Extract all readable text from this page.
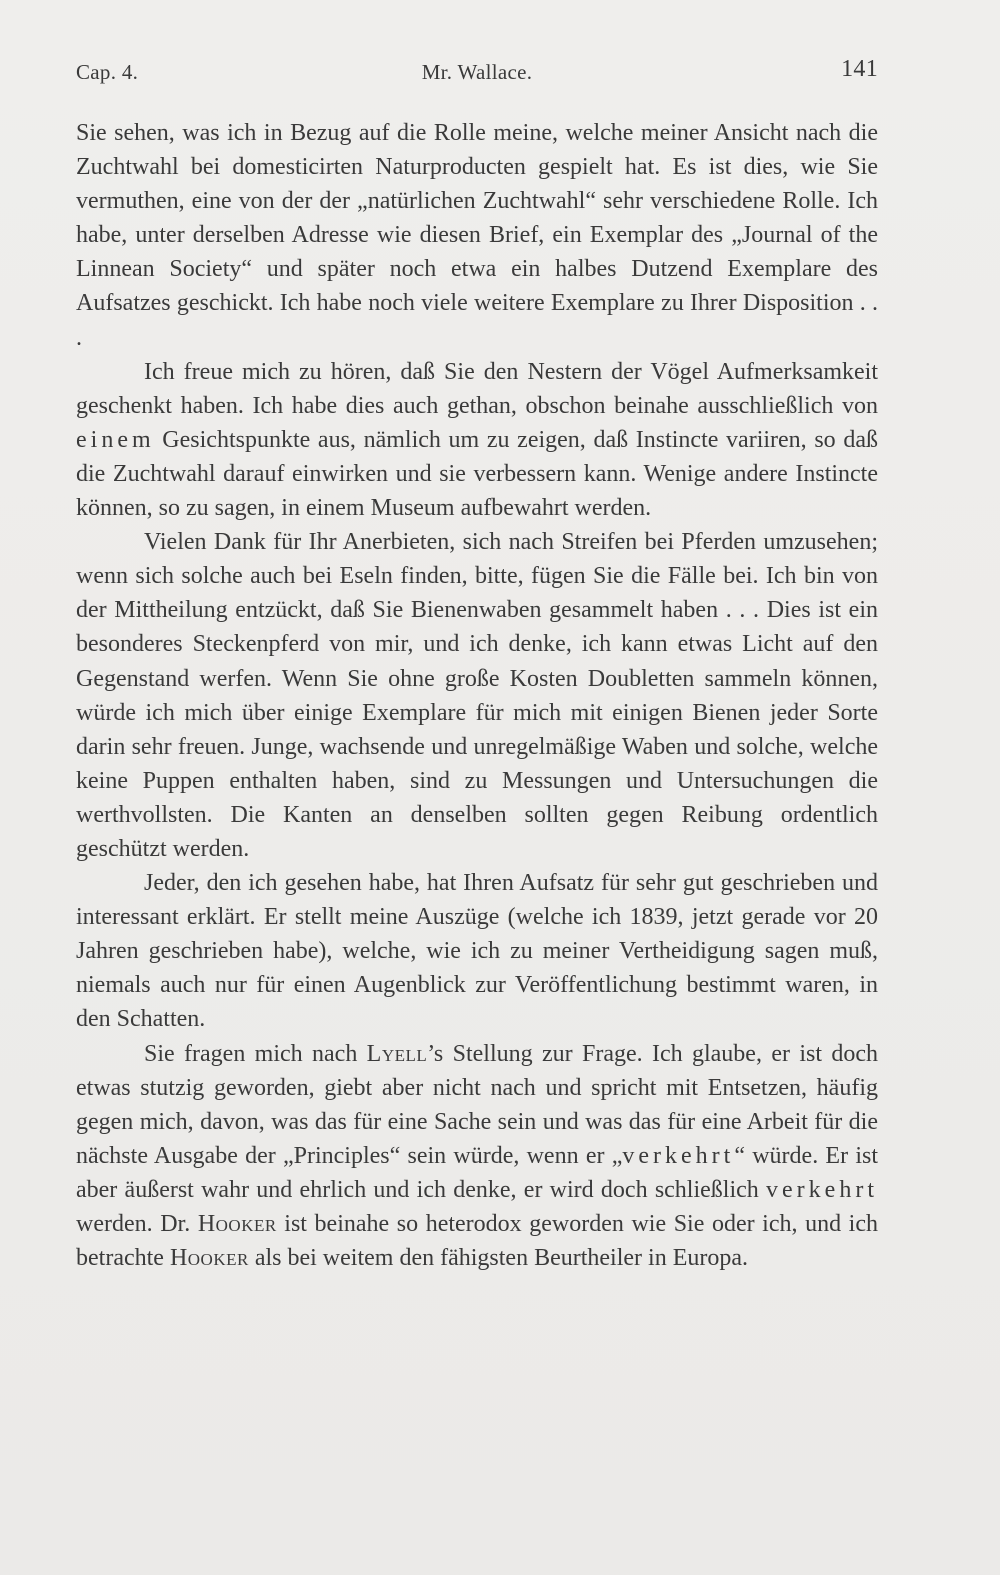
Cap. 4.	Mr. Wallace.	141

Sie sehen, was ich in Bezug auf die Rolle meine, welche meiner Ansicht nach die Zuchtwahl bei domesticirten Naturproducten gespielt hat. Es ist dies, wie Sie vermuthen, eine von der der „natürlichen Zuchtwahl“ sehr verschiedene Rolle. Ich habe, unter derselben Adresse wie diesen Brief, ein Exemplar des „Journal of the Linnean Society“ und später noch etwa ein halbes Dutzend Exemplare des Aufsatzes geschickt. Ich habe noch viele weitere Exemplare zu Ihrer Disposition . . .

Ich freue mich zu hören, daß Sie den Nestern der Vögel Aufmerksamkeit geschenkt haben. Ich habe dies auch gethan, obschon beinahe ausschließlich von einem Gesichtspunkte aus, nämlich um zu zeigen, daß Instincte variiren, so daß die Zuchtwahl darauf einwirken und sie verbessern kann. Wenige andere Instincte können, so zu sagen, in einem Museum aufbewahrt werden.

Vielen Dank für Ihr Anerbieten, sich nach Streifen bei Pferden umzusehen; wenn sich solche auch bei Eseln finden, bitte, fügen Sie die Fälle bei. Ich bin von der Mittheilung entzückt, daß Sie Bienenwaben gesammelt haben . . . Dies ist ein besonderes Steckenpferd von mir, und ich denke, ich kann etwas Licht auf den Gegenstand werfen. Wenn Sie ohne große Kosten Doubletten sammeln können, würde ich mich über einige Exemplare für mich mit einigen Bienen jeder Sorte darin sehr freuen. Junge, wachsende und unregelmäßige Waben und solche, welche keine Puppen enthalten haben, sind zu Messungen und Untersuchungen die werthvollsten. Die Kanten an denselben sollten gegen Reibung ordentlich geschützt werden.

Jeder, den ich gesehen habe, hat Ihren Aufsatz für sehr gut geschrieben und interessant erklärt. Er stellt meine Auszüge (welche ich 1839, jetzt gerade vor 20 Jahren geschrieben habe), welche, wie ich zu meiner Vertheidigung sagen muß, niemals auch nur für einen Augenblick zur Veröffentlichung bestimmt waren, in den Schatten.

Sie fragen mich nach Lyell’s Stellung zur Frage. Ich glaube, er ist doch etwas stutzig geworden, giebt aber nicht nach und spricht mit Entsetzen, häufig gegen mich, davon, was das für eine Sache sein und was das für eine Arbeit für die nächste Ausgabe der „Principles“ sein würde, wenn er „verkehrt“ würde. Er ist aber äußerst wahr und ehrlich und ich denke, er wird doch schließlich verkehrt werden. Dr. Hooker ist beinahe so heterodox geworden wie Sie oder ich, und ich betrachte Hooker als bei weitem den fähigsten Beurtheiler in Europa.
